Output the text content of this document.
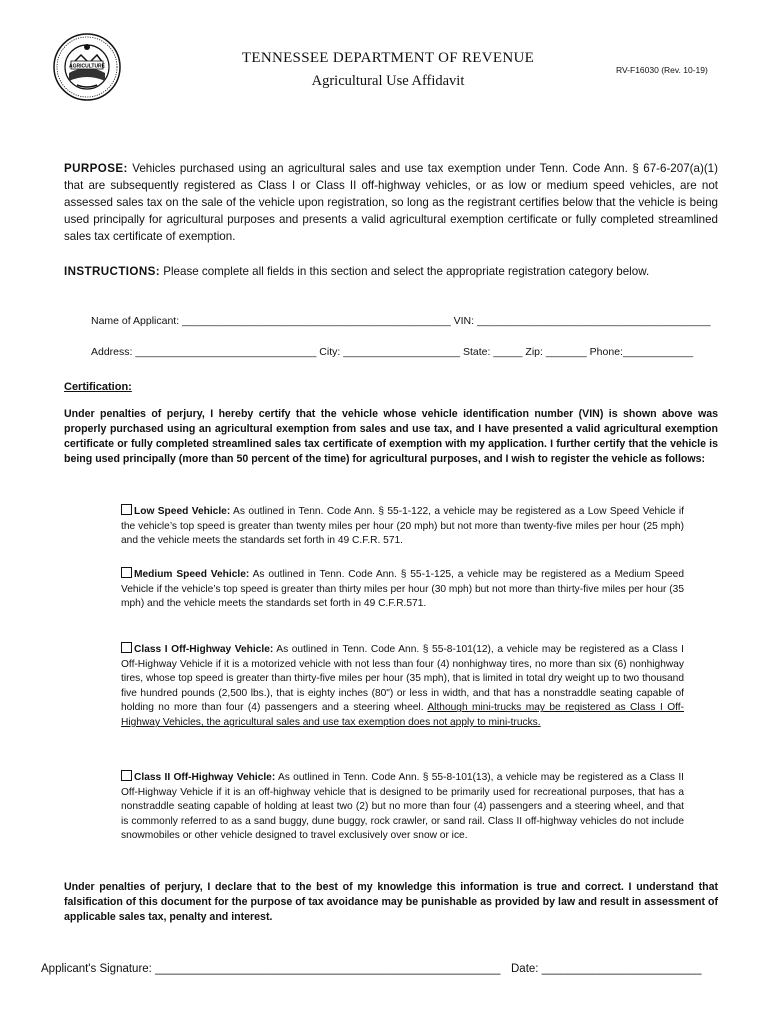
AGRICULTURE
TENNESSEE DEPARTMENT OF REVENUE
Agricultural Use Affidavit
RV-F16030 (Rev. 10-19)
PURPOSE: Vehicles purchased using an agricultural sales and use tax exemption under Tenn. Code Ann. § 67-6-207(a)(1) that are subsequently registered as Class I or Class II off-highway vehicles, or as low or medium speed vehicles, are not assessed sales tax on the sale of the vehicle upon registration, so long as the registrant certifies below that the vehicle is being used principally for agricultural purposes and presents a valid agricultural exemption certificate or fully completed streamlined sales tax certificate of exemption.
INSTRUCTIONS: Please complete all fields in this section and select the appropriate registration category below.
Name of Applicant: ______________________________________________ VIN: ________________________________________
Address: _______________________________ City: ____________________ State: _____ Zip: _______ Phone:____________
Certification:
Under penalties of perjury, I hereby certify that the vehicle whose vehicle identification number (VIN) is shown above was properly purchased using an agricultural exemption from sales and use tax, and I have presented a valid agricultural exemption certificate or fully completed streamlined sales tax certificate of exemption with my application. I further certify that the vehicle is being used principally (more than 50 percent of the time) for agricultural purposes, and I wish to register the vehicle as follows:
Low Speed Vehicle: As outlined in Tenn. Code Ann. § 55-1-122, a vehicle may be registered as a Low Speed Vehicle if the vehicle’s top speed is greater than twenty miles per hour (20 mph) but not more than twenty-five miles per hour (25 mph) and the vehicle meets the standards set forth in 49 C.F.R. 571.
Medium Speed Vehicle: As outlined in Tenn. Code Ann. § 55-1-125, a vehicle may be registered as a Medium Speed Vehicle if the vehicle’s top speed is greater than thirty miles per hour (30 mph) but not more than thirty-five miles per hour (35 mph) and the vehicle meets the standards set forth in 49 C.F.R.571.
Class I Off-Highway Vehicle: As outlined in Tenn. Code Ann. § 55-8-101(12), a vehicle may be registered as a Class I Off-Highway Vehicle if it is a motorized vehicle with not less than four (4) nonhighway tires, no more than six (6) nonhighway tires, whose top speed is greater than thirty-five miles per hour (35 mph), that is limited in total dry weight up to two thousand five hundred pounds (2,500 lbs.), that is eighty inches (80") or less in width, and that has a nonstraddle seating capable of holding no more than four (4) passengers and a steering wheel. Although mini-trucks may be registered as Class I Off-Highway Vehicles, the agricultural sales and use tax exemption does not apply to mini-trucks.
Class II Off-Highway Vehicle: As outlined in Tenn. Code Ann. § 55-8-101(13), a vehicle may be registered as a Class II Off-Highway Vehicle if it is an off-highway vehicle that is designed to be primarily used for recreational purposes, that has a nonstraddle seating capable of holding at least two (2) but no more than four (4) passengers and a steering wheel, and that is commonly referred to as a sand buggy, dune buggy, rock crawler, or sand rail. Class II off-highway vehicles do not include snowmobiles or other vehicle designed to travel exclusively over snow or ice.
Under penalties of perjury, I declare that to the best of my knowledge this information is true and correct. I understand that falsification of this document for the purpose of tax avoidance may be punishable as provided by law and result in assessment of applicable sales tax, penalty and interest.
Applicant's Signature: ______________________________________________________ Date: _________________________
